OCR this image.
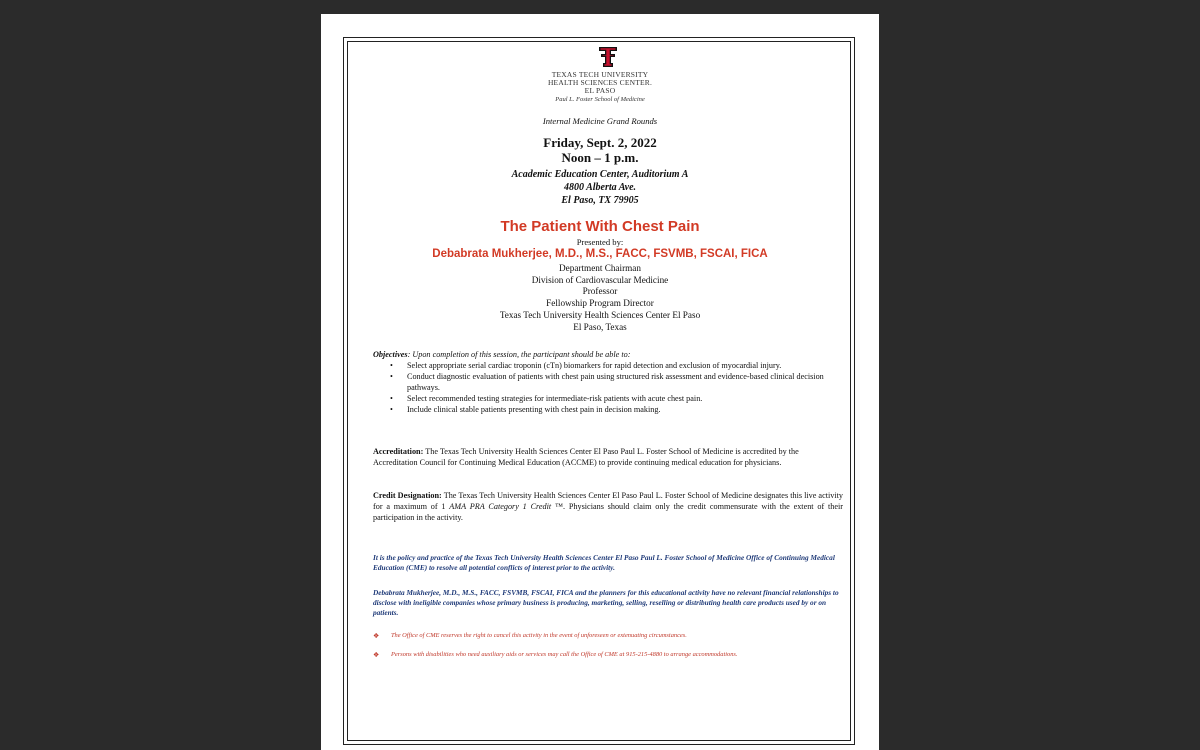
TEXAS TECH UNIVERSITY
HEALTH SCIENCES CENTER.
EL PASO
Paul L. Foster School of Medicine
Internal Medicine Grand Rounds
Friday, Sept. 2, 2022
Noon – 1 p.m.
Academic Education Center, Auditorium A
4800 Alberta Ave.
El Paso, TX 79905
The Patient With Chest Pain
Presented by:
Debabrata Mukherjee, M.D., M.S., FACC, FSVMB, FSCAI, FICA
Department Chairman
Division of Cardiovascular Medicine
Professor
Fellowship Program Director
Texas Tech University Health Sciences Center El Paso
El Paso, Texas
Objectives: Upon completion of this session, the participant should be able to:
• Select appropriate serial cardiac troponin (cTn) biomarkers for rapid detection and exclusion of myocardial injury.
• Conduct diagnostic evaluation of patients with chest pain using structured risk assessment and evidence-based clinical decision pathways.
• Select recommended testing strategies for intermediate-risk patients with acute chest pain.
• Include clinical stable patients presenting with chest pain in decision making.
Accreditation: The Texas Tech University Health Sciences Center El Paso Paul L. Foster School of Medicine is accredited by the Accreditation Council for Continuing Medical Education (ACCME) to provide continuing medical education for physicians.
Credit Designation: The Texas Tech University Health Sciences Center El Paso Paul L. Foster School of Medicine designates this live activity for a maximum of 1 AMA PRA Category 1 Credit ™. Physicians should claim only the credit commensurate with the extent of their participation in the activity.
It is the policy and practice of the Texas Tech University Health Sciences Center El Paso Paul L. Foster School of Medicine Office of Continuing Medical Education (CME) to resolve all potential conflicts of interest prior to the activity.
Debabrata Mukherjee, M.D., M.S., FACC, FSVMB, FSCAI, FICA and the planners for this educational activity have no relevant financial relationships to disclose with ineligible companies whose primary business is producing, marketing, selling, reselling or distributing health care products used by or on patients.
❖ The Office of CME reserves the right to cancel this activity in the event of unforeseen or extenuating circumstances.
❖ Persons with disabilities who need auxiliary aids or services may call the Office of CME at 915-215-4880 to arrange accommodations.
